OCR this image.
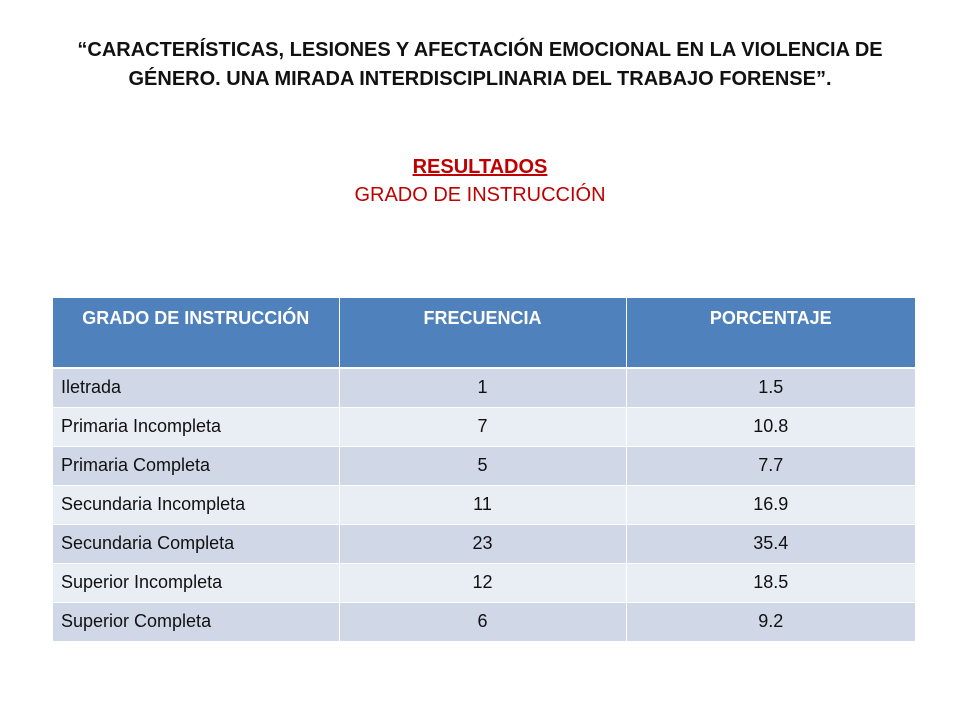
“CARACTERÍSTICAS, LESIONES Y AFECTACIÓN EMOCIONAL EN LA VIOLENCIA DE GÉNERO. UNA MIRADA INTERDISCIPLINARIA DEL TRABAJO FORENSE”.
RESULTADOS
GRADO DE INSTRUCCIÓN
GRADO DE INSTRUCCIÓN	FRECUENCIA	PORCENTAJE
Iletrada	1	1.5
Primaria Incompleta	7	10.8
Primaria Completa	5	7.7
Secundaria Incompleta	11	16.9
Secundaria Completa	23	35.4
Superior Incompleta	12	18.5
Superior Completa	6	9.2
